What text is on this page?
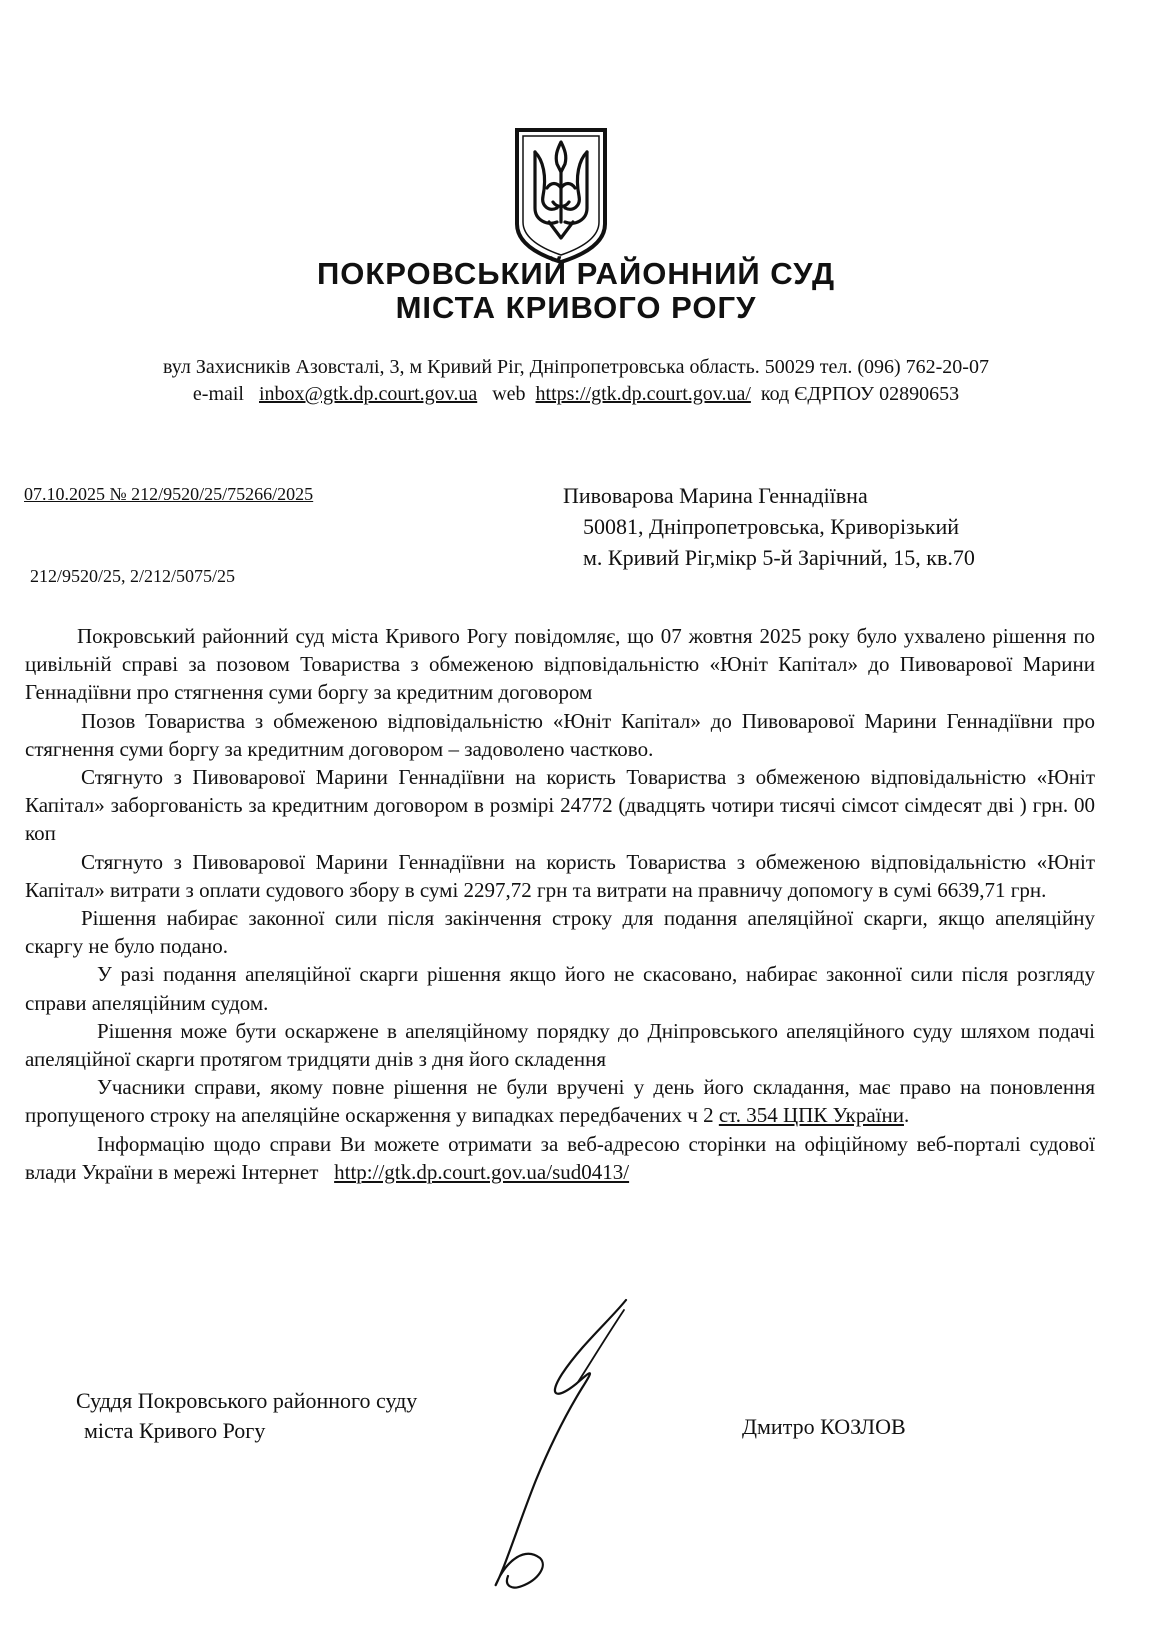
ПОКРОВСЬКИЙ РАЙОННИЙ СУД
МІСТА КРИВОГО РОГУ
вул Захисників Азовсталі, 3, м Кривий Ріг, Дніпропетровська область. 50029 тел. (096) 762-20-07
e-mail inbox@gtk.dp.court.gov.ua web https://gtk.dp.court.gov.ua/ код ЄДРПОУ 02890653
07.10.2025 № 212/9520/25/75266/2025
212/9520/25, 2/212/5075/25
Пивоварова Марина Геннадіївна
50081, Дніпропетровська, Криворізький
м. Кривий Ріг,мікр 5-й Зарічний, 15, кв.70

Покровський районний суд міста Кривого Рогу повідомляє, що 07 жовтня 2025 року було ухвалено рішення по цивільній справі за позовом Товариства з обмеженою відповідальністю «Юніт Капітал» до Пивоварової Марини Геннадіївни про стягнення суми боргу за кредитним договором

Позов Товариства з обмеженою відповідальністю «Юніт Капітал» до Пивоварової Марини Геннадіївни про стягнення суми боргу за кредитним договором – задоволено частково.

Стягнуто з Пивоварової Марини Геннадіївни на користь Товариства з обмеженою відповідальністю «Юніт Капітал» заборгованість за кредитним договором в розмірі 24772 (двадцять чотири тисячі сімсот сімдесят дві ) грн. 00 коп

Стягнуто з Пивоварової Марини Геннадіївни на користь Товариства з обмеженою відповідальністю «Юніт Капітал» витрати з оплати судового збору в сумі 2297,72 грн та витрати на правничу допомогу в сумі 6639,71 грн.

Рішення набирає законної сили після закінчення строку для подання апеляційної скарги, якщо апеляційну скаргу не було подано.

У разі подання апеляційної скарги рішення якщо його не скасовано, набирає законної сили після розгляду справи апеляційним судом.

Рішення може бути оскаржене в апеляційному порядку до Дніпровського апеляційного суду шляхом подачі апеляційної скарги протягом тридцяти днів з дня його складення

Учасники справи, якому повне рішення не були вручені у день його складання, має право на поновлення пропущеного строку на апеляційне оскарження у випадках передбачених ч 2 ст. 354 ЦПК України.

Інформацію щодо справи Ви можете отримати за веб-адресою сторінки на офіційному веб-порталі судової влади України в мережі Інтернет http://gtk.dp.court.gov.ua/sud0413/

Суддя Покровського районного суду
міста Кривого Рогу	Дмитро КОЗЛОВ
